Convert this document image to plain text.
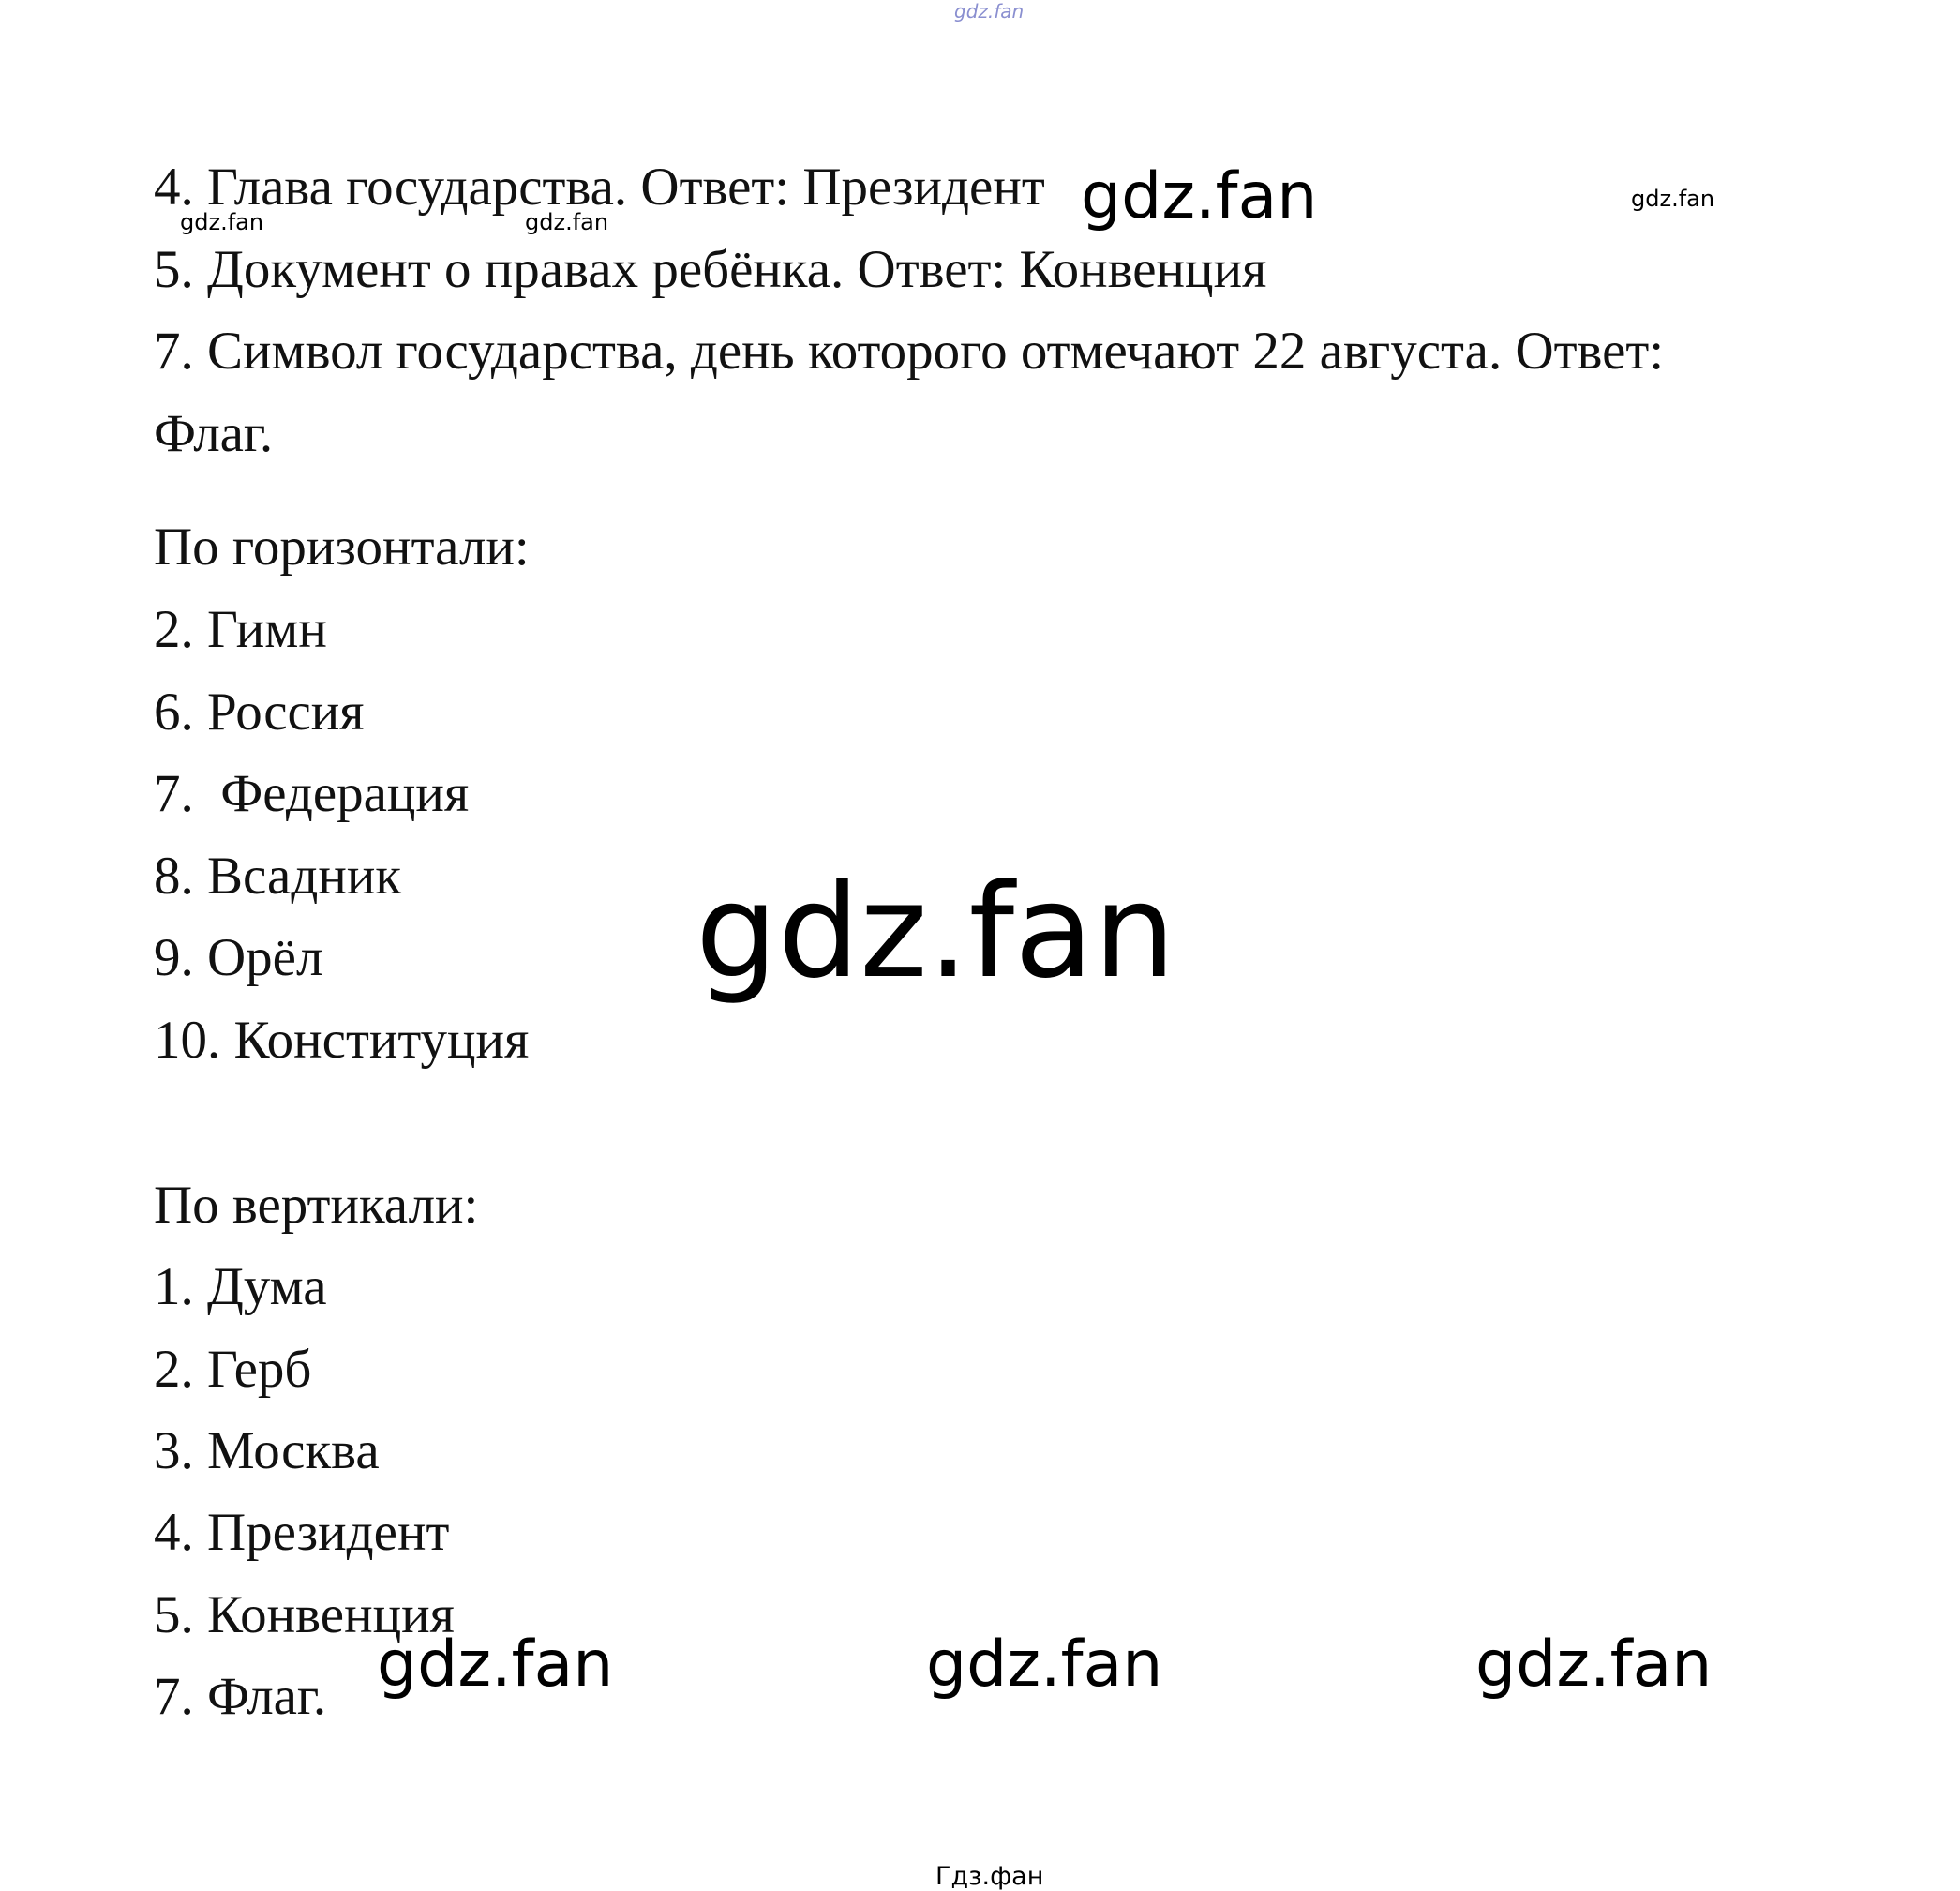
gdz.fan
4. Глава государства. Ответ: Президент
5. Документ о правах ребёнка. Ответ: Конвенция
7. Символ государства, день которого отмечают 22 августа. Ответ:
Флаг.
gdz.fan	gdz.fan
gdz.fan
gdz.fan
По горизонтали:
2. Гимн
6. Россия
7.  Федерация
8. Всадник
9. Орёл
10. Конституция
gdz.fan
По вертикали:
1. Дума
2. Герб
3. Москва
4. Президент
5. Конвенция
7. Флаг. gdz.fan	gdz.fan	gdz.fan
Гдз.фан
